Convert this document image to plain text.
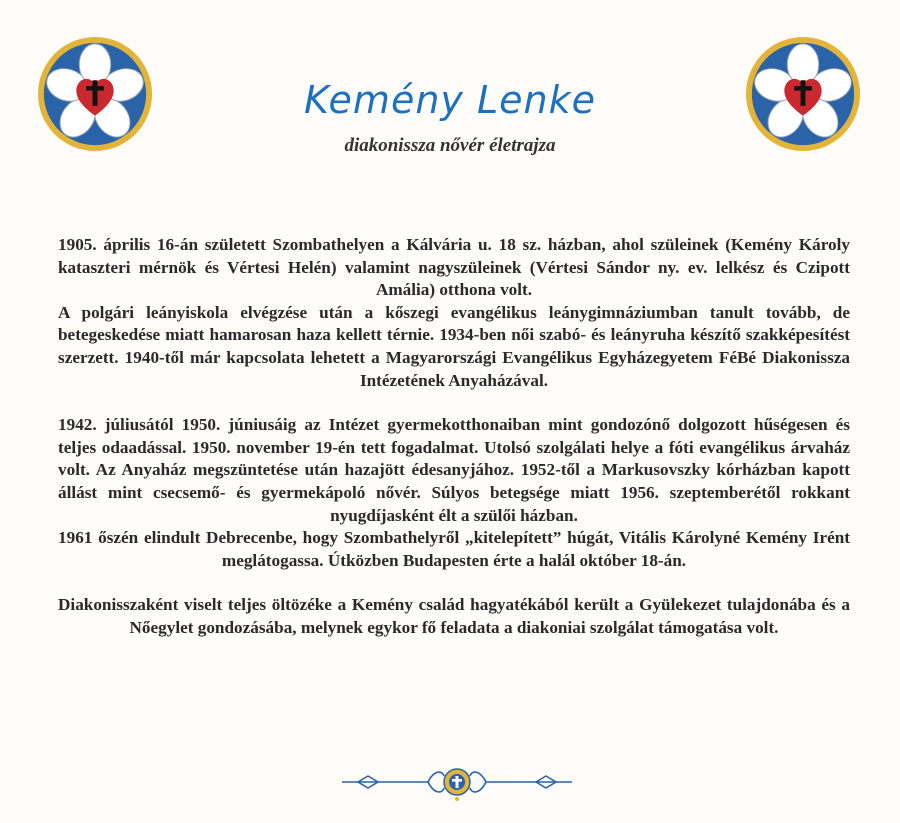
Kemény Lenke
diakonissza nővér életrajza

1905. április 16-án született Szombathelyen a Kálvária u. 18 sz. házban, ahol szüleinek (Kemény Károly kataszteri mérnök és Vértesi Helén) valamint nagyszüleinek (Vértesi Sándor ny. ev. lelkész és Czipott Amália) otthona volt.

A polgári leányiskola elvégzése után a kőszegi evangélikus leánygimnáziumban tanult tovább, de betegeskedése miatt hamarosan haza kellett térnie. 1934-ben női szabó- és leányruha készítő szakképesítést szerzett. 1940-től már kapcsolata lehetett a Magyarországi Evangélikus Egyházegyetem FéBé Diakonissza Intézetének Anyaházával.

1942. júliusától 1950. júniusáig az Intézet gyermekotthonaiban mint gondozónő dolgozott hűségesen és teljes odaadással. 1950. november 19-én tett fogadalmat. Utolsó szolgálati helye a fóti evangélikus árvaház volt. Az Anyaház megszüntetése után hazajött édesanyjához. 1952-től a Markusovszky kórházban kapott állást mint csecsemő- és gyermekápoló nővér. Súlyos betegsége miatt 1956. szeptemberétől rokkant nyugdíjasként élt a szülői házban.

1961 őszén elindult Debrecenbe, hogy Szombathelyről „kitelepített” húgát, Vitális Károlyné Kemény Irént meglátogassa. Útközben Budapesten érte a halál október 18-án.

Diakonisszaként viselt teljes öltözéke a Kemény család hagyatékából került a Gyülekezet tulajdonába és a Nőegylet gondozásába, melynek egykor fő feladata a diakoniai szolgálat támogatása volt.
